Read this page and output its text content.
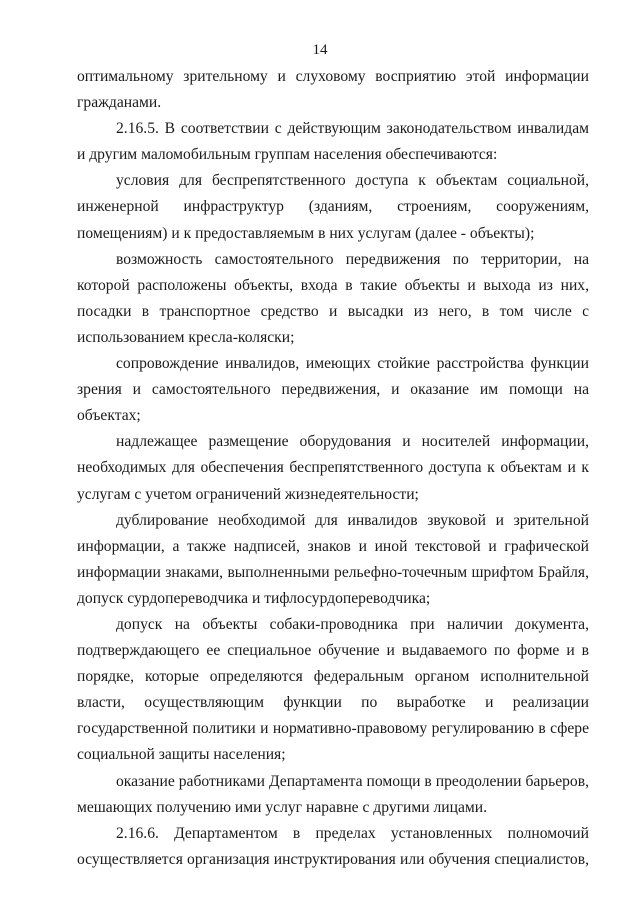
14

оптимальному зрительному и слуховому восприятию этой информации гражданами.

2.16.5. В соответствии с действующим законодательством инвалидам и другим маломобильным группам населения обеспечиваются:

условия для беспрепятственного доступа к объектам социальной, инженерной инфраструктур (зданиям, строениям, сооружениям, помещениям) и к предоставляемым в них услугам (далее - объекты);

возможность самостоятельного передвижения по территории, на которой расположены объекты, входа в такие объекты и выхода из них, посадки в транспортное средство и высадки из него, в том числе с использованием кресла-коляски;

сопровождение инвалидов, имеющих стойкие расстройства функции зрения и самостоятельного передвижения, и оказание им помощи на объектах;

надлежащее размещение оборудования и носителей информации, необходимых для обеспечения беспрепятственного доступа к объектам и к услугам с учетом ограничений жизнедеятельности;

дублирование необходимой для инвалидов звуковой и зрительной информации, а также надписей, знаков и иной текстовой и графической информации знаками, выполненными рельефно-точечным шрифтом Брайля, допуск сурдопереводчика и тифлосурдопереводчика;

допуск на объекты собаки-проводника при наличии документа, подтверждающего ее специальное обучение и выдаваемого по форме и в порядке, которые определяются федеральным органом исполнительной власти, осуществляющим функции по выработке и реализации государственной политики и нормативно-правовому регулированию в сфере социальной защиты населения;

оказание работниками Департамента помощи в преодолении барьеров, мешающих получению ими услуг наравне с другими лицами.

2.16.6. Департаментом в пределах установленных полномочий осуществляется организация инструктирования или обучения специалистов,
